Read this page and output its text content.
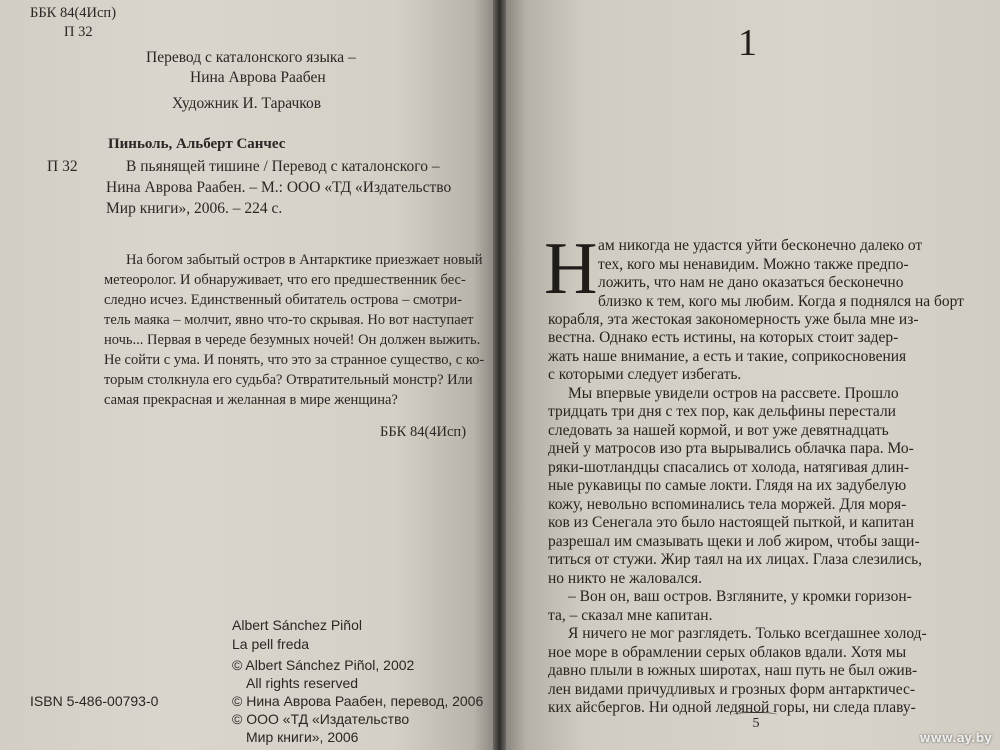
ББК 84(4Исп)
П 32
Перевод с каталонского языка –
Нина Аврова Раабен
Художник И. Тарачков
Пиньоль, Альберт Санчес
П 32	В пьянящей тишине / Перевод с каталонского –
Нина Аврова Раабен. – М.: ООО «ТД «Издательство
Мир книги», 2006. – 224 с.
На богом забытый остров в Антарктике приезжает новый
метеоролог. И обнаруживает, что его предшественник бес-
следно исчез. Единственный обитатель острова – смотри-
тель маяка – молчит, явно что-то скрывая. Но вот наступает
ночь... Первая в череде безумных ночей! Он должен выжить.
Не сойти с ума. И понять, что это за странное существо, с ко-
торым столкнула его судьба? Отвратительный монстр? Или
самая прекрасная и желанная в мире женщина?
ББК 84(4Исп)
Albert Sánchez Piñol
La pell freda
© Albert Sánchez Piñol, 2002
All rights reserved
© Нина Аврова Раабен, перевод, 2006
© ООО «ТД «Издательство
Мир книги», 2006
ISBN 5-486-00793-0
1
Н ам никогда не удастся уйти бесконечно далеко от
тех, кого мы ненавидим. Можно также предпо-
ложить, что нам не дано оказаться бесконечно
близко к тем, кого мы любим. Когда я поднялся на борт
5
www.ay.by
корабля, эта жестокая закономерность уже была мне из-
вестна. Однако есть истины, на которых стоит задер-
жать наше внимание, а есть и такие, соприкосновения
с которыми следует избегать.
Мы впервые увидели остров на рассвете. Прошло
тридцать три дня с тех пор, как дельфины перестали
следовать за нашей кормой, и вот уже девятнадцать
дней у матросов изо рта вырывались облачка пара. Мо-
ряки-шотландцы спасались от холода, натягивая длин-
ные рукавицы по самые локти. Глядя на их задубелую
кожу, невольно вспоминались тела моржей. Для моря-
ков из Сенегала это было настоящей пыткой, и капитан
разрешал им смазывать щеки и лоб жиром, чтобы защи-
титься от стужи. Жир таял на их лицах. Глаза слезились,
но никто не жаловался.
– Вон он, ваш остров. Взгляните, у кромки горизон-
та, – сказал мне капитан.
Я ничего не мог разглядеть. Только всегдашнее холод-
ное море в обрамлении серых облаков вдали. Хотя мы
давно плыли в южных широтах, наш путь не был ожив-
лен видами причудливых и грозных форм антарктичес-
ких айсбергов. Ни одной ледяной горы, ни следа плаву-
